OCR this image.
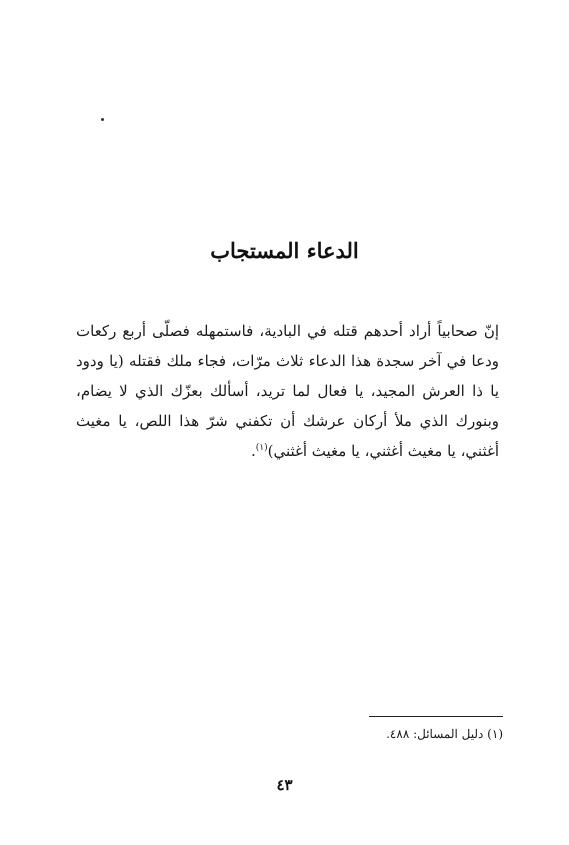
الدعاء المستجاب
إنّ صحابياً أراد أحدهم قتله في البادية، فاستمهله فصلّى أربع ركعات ودعا في آخر سجدة هذا الدعاء ثلاث مرّات، فجاء ملك فقتله (يا ودود يا ذا العرش المجيد، يا فعال لما تريد، أسألك بعزّك الذي لا يضام، وبنورك الذي ملأ أركان عرشك أن تكفني شرّ هذا اللص، يا مغيث أغثني، يا مغيث أغثني، يا مغيث أغثني)$^{(١)}$.
(١) دليل المسائل: ٤٨٨.
٤٣
